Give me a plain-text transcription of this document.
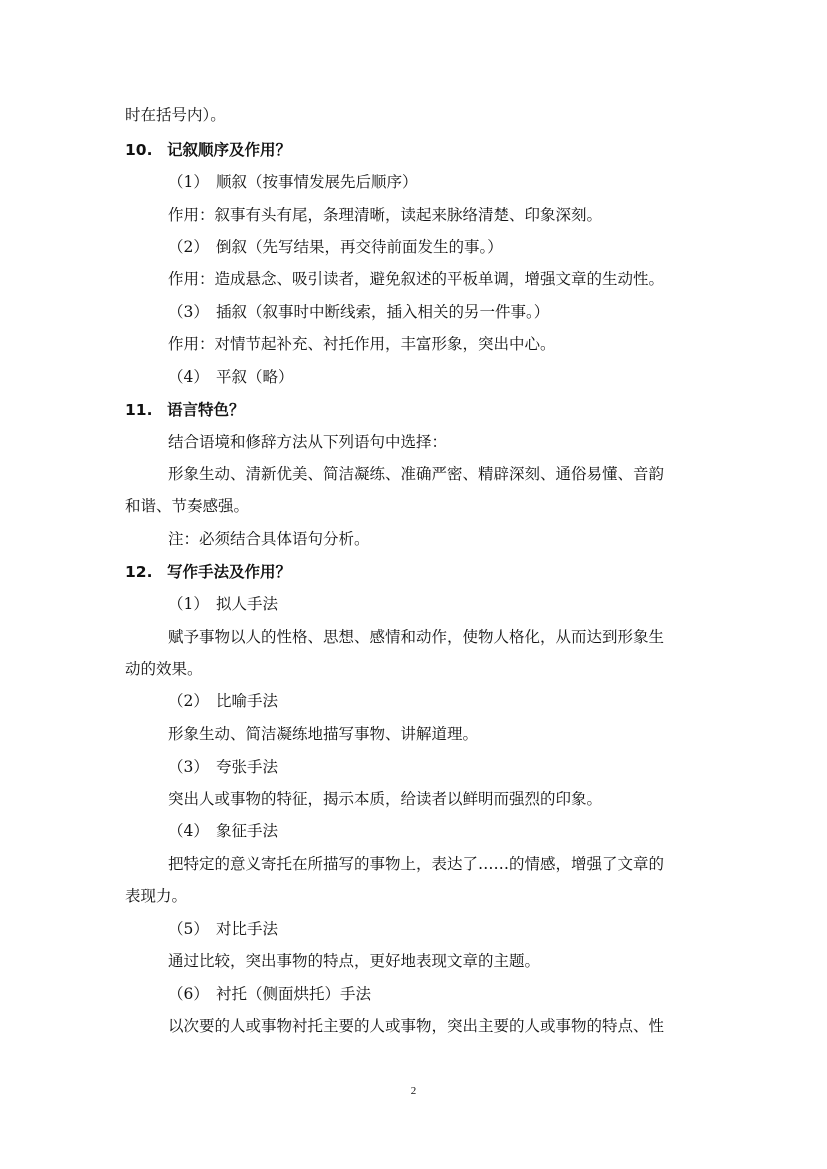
时在括号内）。
10. 记叙顺序及作用？
（1） 顺叙（按事情发展先后顺序）
作用：叙事有头有尾，条理清晰，读起来脉络清楚、印象深刻。
（2） 倒叙（先写结果，再交待前面发生的事。）
作用：造成悬念、吸引读者，避免叙述的平板单调，增强文章的生动性。
（3） 插叙（叙事时中断线索，插入相关的另一件事。）
作用：对情节起补充、衬托作用，丰富形象，突出中心。
（4） 平叙（略）
11. 语言特色？
结合语境和修辞方法从下列语句中选择：
形象生动、清新优美、简洁凝练、准确严密、精辟深刻、通俗易懂、音韵
和谐、节奏感强。
注：必须结合具体语句分析。
12. 写作手法及作用？
（1） 拟人手法
赋予事物以人的性格、思想、感情和动作，使物人格化，从而达到形象生
动的效果。
（2） 比喻手法
形象生动、简洁凝练地描写事物、讲解道理。
（3） 夸张手法
突出人或事物的特征，揭示本质，给读者以鲜明而强烈的印象。
（4） 象征手法
把特定的意义寄托在所描写的事物上，表达了……的情感，增强了文章的
表现力。
（5） 对比手法
通过比较，突出事物的特点，更好地表现文章的主题。
（6） 衬托（侧面烘托）手法
以次要的人或事物衬托主要的人或事物，突出主要的人或事物的特点、性
2
